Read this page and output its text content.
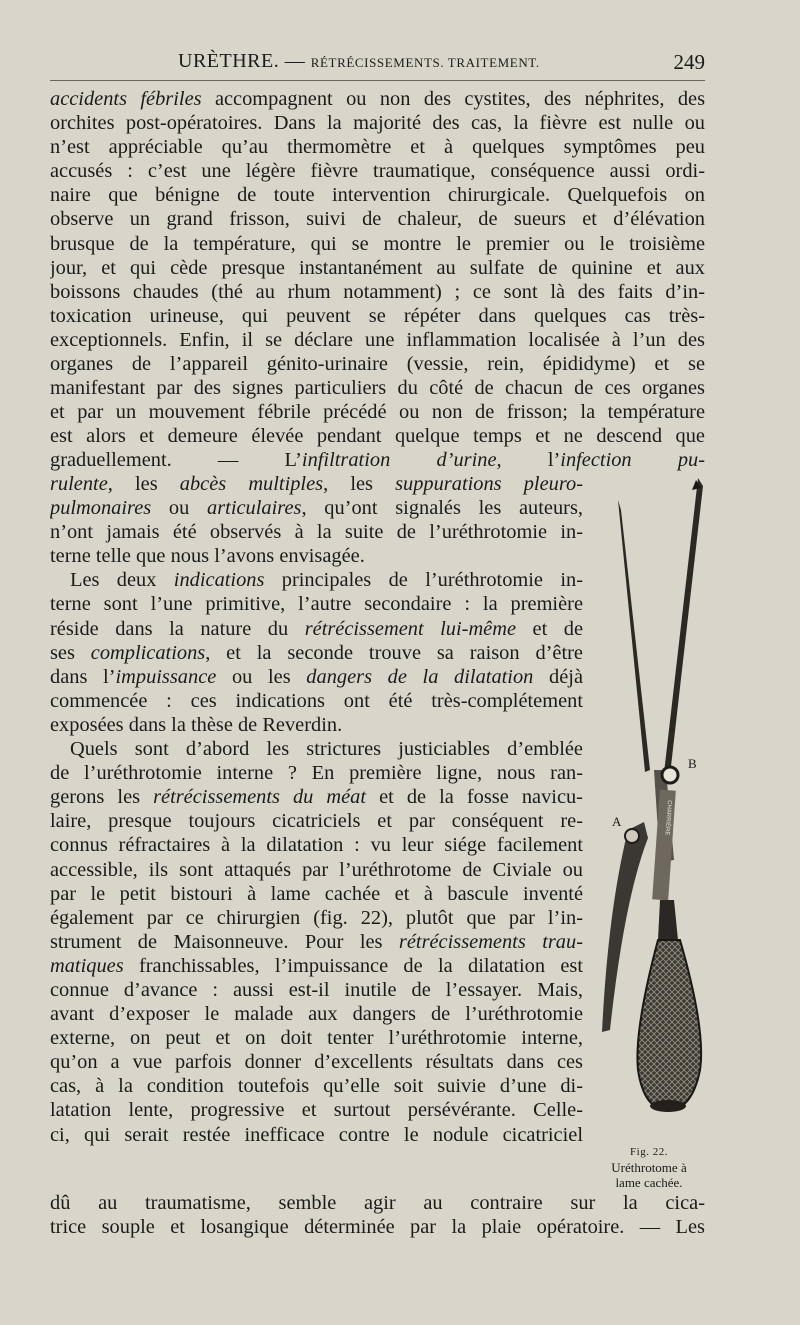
URÈTHRE. — RÉTRÉCISSEMENTS. TRAITEMENT.	249
accidents fébriles accompagnent ou non des cystites, des néphrites, des
orchites post-opératoires. Dans la majorité des cas, la fièvre est nulle ou
n’est appréciable qu’au thermomètre et à quelques symptômes peu
accusés : c’est une légère fièvre traumatique, conséquence aussi ordi-
naire que bénigne de toute intervention chirurgicale. Quelquefois on
observe un grand frisson, suivi de chaleur, de sueurs et d’élévation
brusque de la température, qui se montre le premier ou le troisième
jour, et qui cède presque instantanément au sulfate de quinine et aux
boissons chaudes (thé au rhum notamment) ; ce sont là des faits d’in-
toxication urineuse, qui peuvent se répéter dans quelques cas très-
exceptionnels. Enfin, il se déclare une inflammation localisée à l’un des
organes de l’appareil génito-urinaire (vessie, rein, épididyme) et se
manifestant par des signes particuliers du côté de chacun de ces organes
et par un mouvement fébrile précédé ou non de frisson; la température
est alors et demeure élevée pendant quelque temps et ne descend que
graduellement. — L’infiltration d’urine, l’infection pu-
rulente, les abcès multiples, les suppurations pleuro-
pulmonaires ou articulaires, qu’ont signalés les auteurs,
n’ont jamais été observés à la suite de l’uréthrotomie in-
terne telle que nous l’avons envisagée.
Les deux indications principales de l’uréthrotomie in-
terne sont l’une primitive, l’autre secondaire : la première
réside dans la nature du rétrécissement lui-même et de
ses complications, et la seconde trouve sa raison d’être
dans l’impuissance ou les dangers de la dilatation déjà
commencée : ces indications ont été très-complétement
exposées dans la thèse de Reverdin.
Quels sont d’abord les strictures justiciables d’emblée
de l’uréthrotomie interne ? En première ligne, nous ran-
gerons les rétrécissements du méat et de la fosse navicu-
laire, presque toujours cicatriciels et par conséquent re-
connus réfractaires à la dilatation : vu leur siége facilement
accessible, ils sont attaqués par l’uréthrotome de Civiale ou
par le petit bistouri à lame cachée et à bascule inventé
également par ce chirurgien (fig. 22), plutôt que par l’in-
strument de Maisonneuve. Pour les rétrécissements trau-
matiques franchissables, l’impuissance de la dilatation est
connue d’avance : aussi est-il inutile de l’essayer. Mais,
avant d’exposer le malade aux dangers de l’uréthrotomie
externe, on peut et on doit tenter l’uréthrotomie interne,
qu’on a vue parfois donner d’excellents résultats dans ces
cas, à la condition toutefois qu’elle soit suivie d’une di-
latation lente, progressive et surtout persévérante. Celle-
ci, qui serait restée inefficace contre le nodule cicatriciel
dû au traumatisme, semble agir au contraire sur la cica-
trice souple et losangique déterminée par la plaie opératoire. — Les
CHARRIÈRE
A
B
Fig. 22.
Uréthrotome à
lame cachée.
